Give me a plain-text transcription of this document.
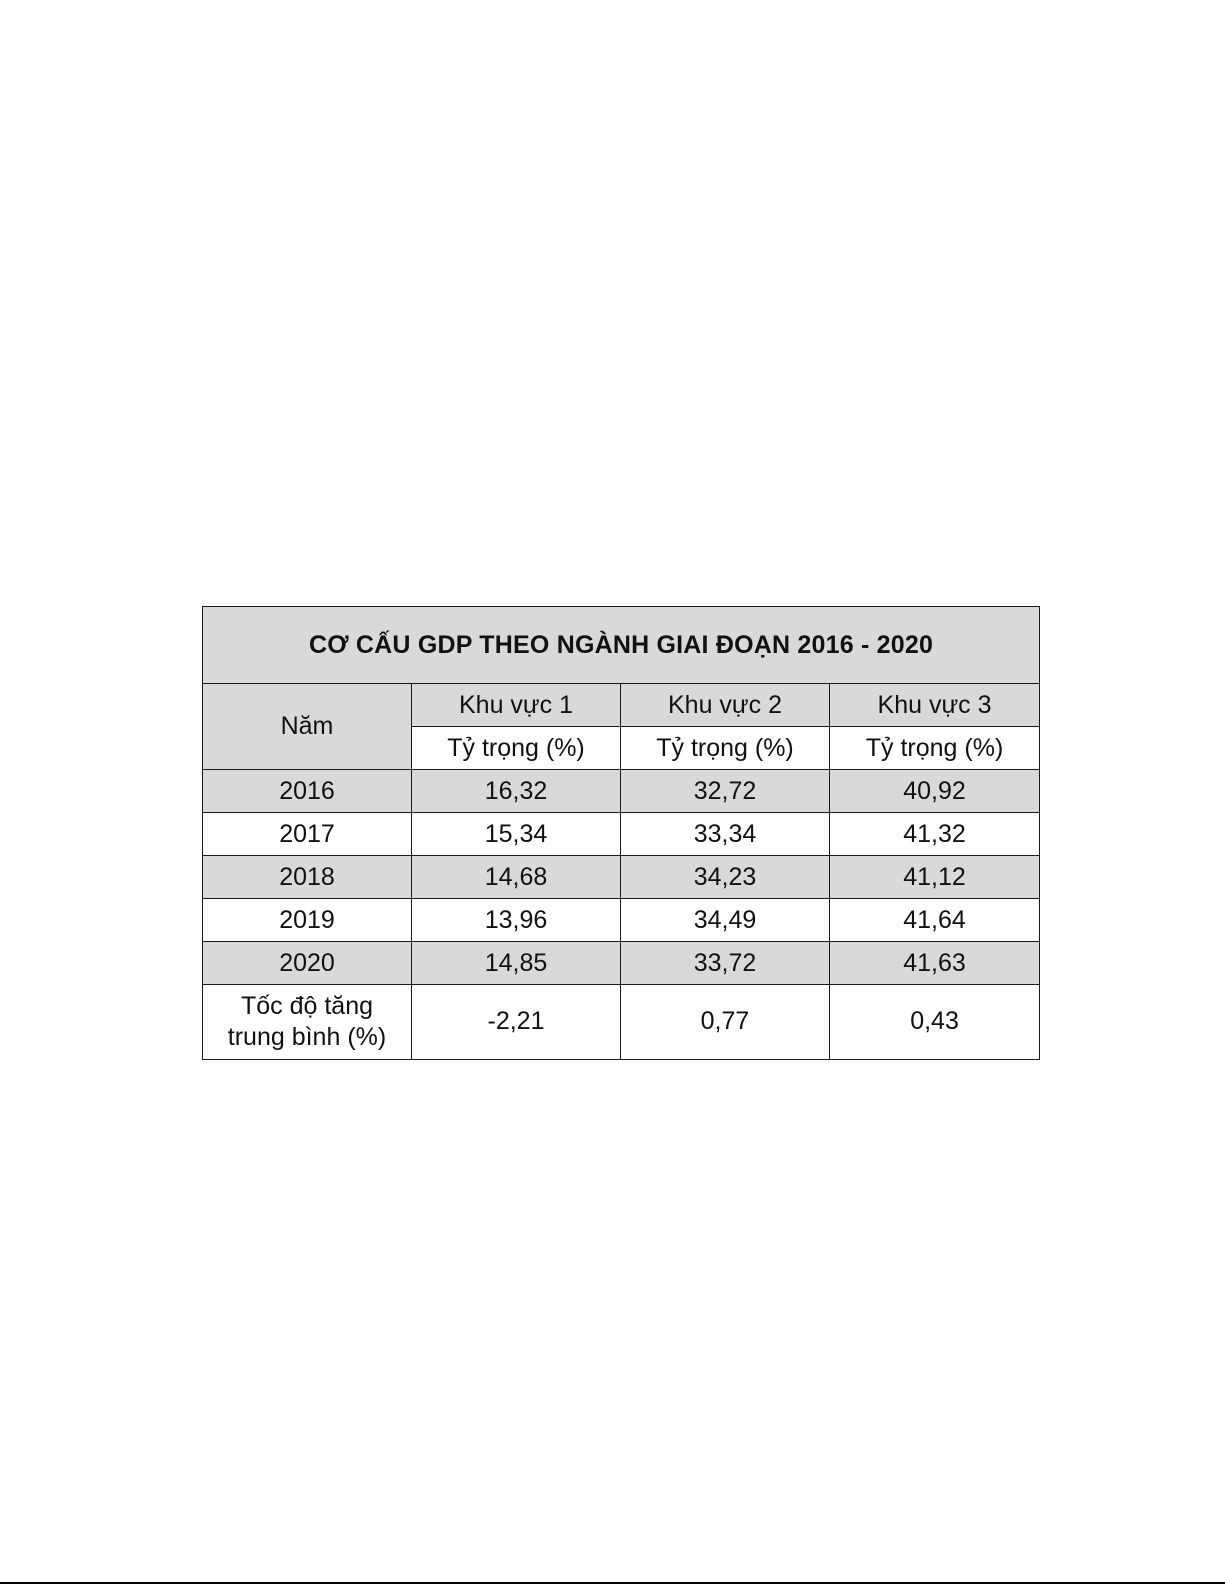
CƠ CẤU GDP THEO NGÀNH GIAI ĐOẠN 2016 - 2020			
Năm	Khu vực 1	Khu vực 2	Khu vực 3
	Tỷ trọng (%)	Tỷ trọng (%)	Tỷ trọng (%)
2016	16,32	32,72	40,92
2017	15,34	33,34	41,32
2018	14,68	34,23	41,12
2019	13,96	34,49	41,64
2020	14,85	33,72	41,63
Tốc độ tăng
trung bình (%)	-2,21	0,77	0,43
